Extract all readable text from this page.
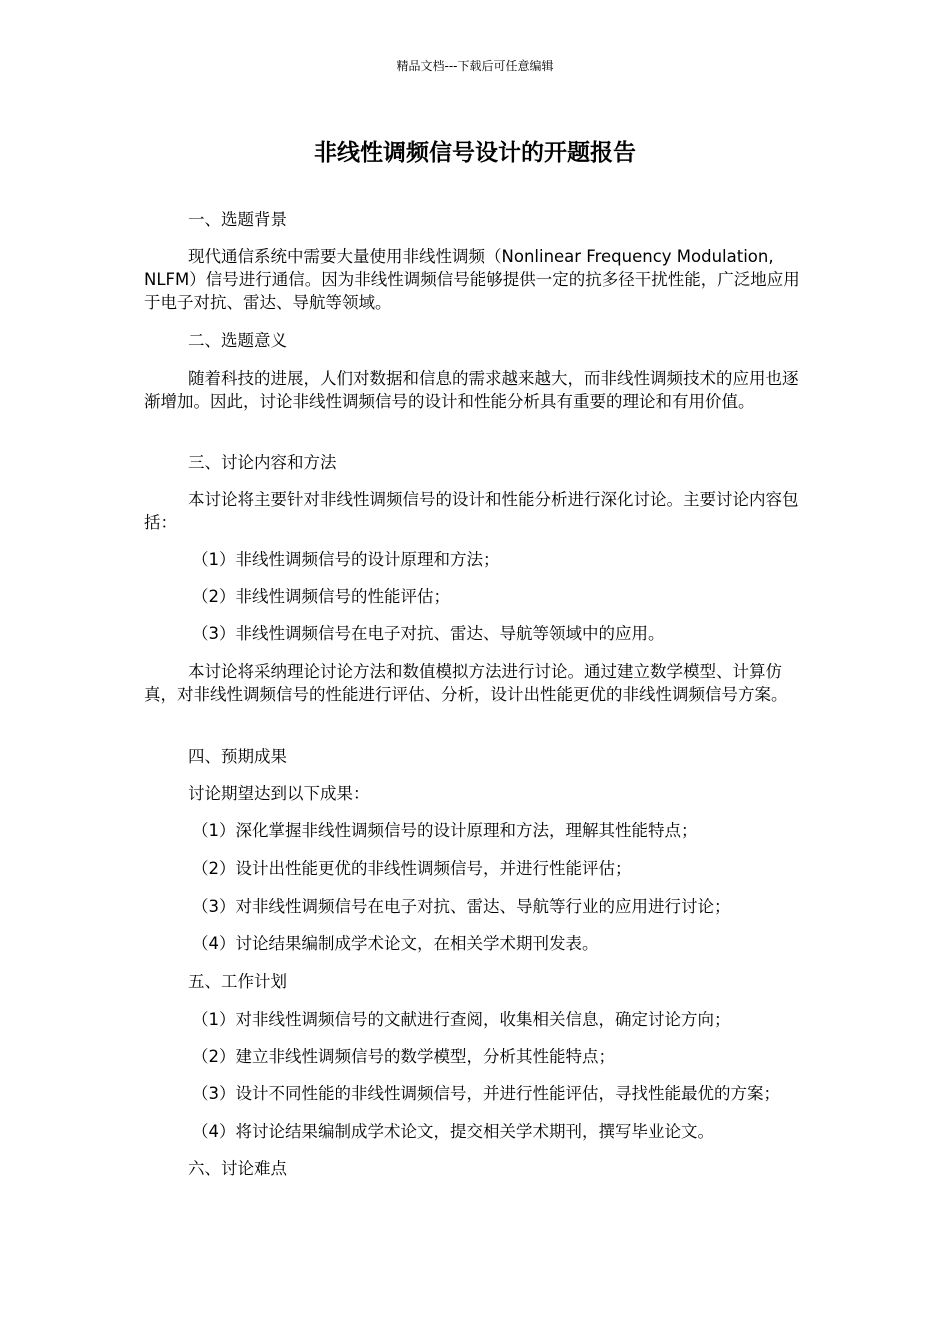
精品文档---下载后可任意编辑
非线性调频信号设计的开题报告

一、选题背景

现代通信系统中需要大量使用非线性调频（Nonlinear Frequency Modulation, NLFM）信号进行通信。因为非线性调频信号能够提供一定的抗多径干扰性能，广泛地应用于电子对抗、雷达、导航等领域。

二、选题意义

随着科技的进展，人们对数据和信息的需求越来越大，而非线性调频技术的应用也逐渐增加。因此，讨论非线性调频信号的设计和性能分析具有重要的理论和有用价值。

三、讨论内容和方法

本讨论将主要针对非线性调频信号的设计和性能分析进行深化讨论。主要讨论内容包括：

（1）非线性调频信号的设计原理和方法；

（2）非线性调频信号的性能评估；

（3）非线性调频信号在电子对抗、雷达、导航等领域中的应用。

本讨论将采纳理论讨论方法和数值模拟方法进行讨论。通过建立数学模型、计算仿真，对非线性调频信号的性能进行评估、分析，设计出性能更优的非线性调频信号方案。

四、预期成果

讨论期望达到以下成果：

（1）深化掌握非线性调频信号的设计原理和方法，理解其性能特点；

（2）设计出性能更优的非线性调频信号，并进行性能评估；

（3）对非线性调频信号在电子对抗、雷达、导航等行业的应用进行讨论；

（4）讨论结果编制成学术论文，在相关学术期刊发表。

五、工作计划

（1）对非线性调频信号的文献进行查阅，收集相关信息，确定讨论方向；

（2）建立非线性调频信号的数学模型，分析其性能特点；

（3）设计不同性能的非线性调频信号，并进行性能评估，寻找性能最优的方案；

（4）将讨论结果编制成学术论文，提交相关学术期刊，撰写毕业论文。

六、讨论难点
